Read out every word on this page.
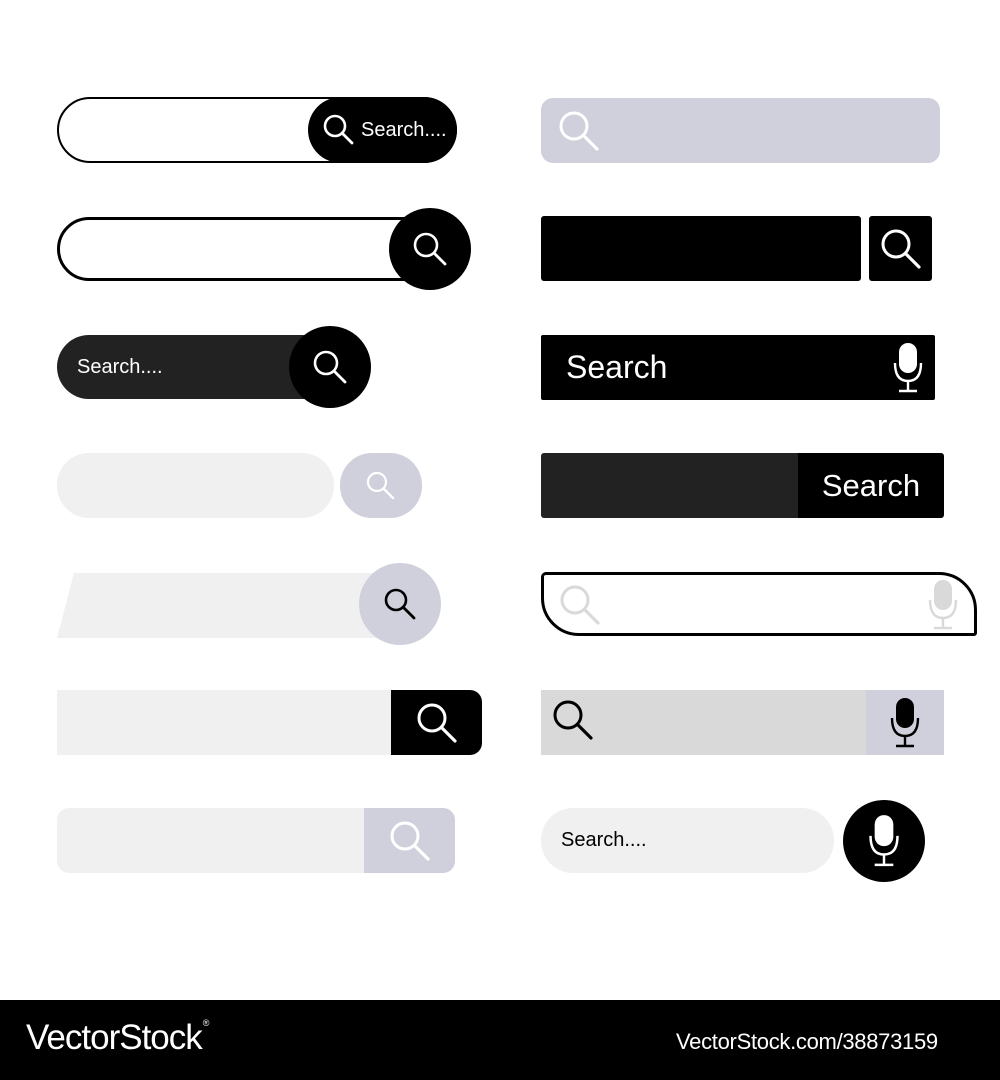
Search....
Search....	Search
Search
Search....
VectorStock®
VectorStock.com/38873159
